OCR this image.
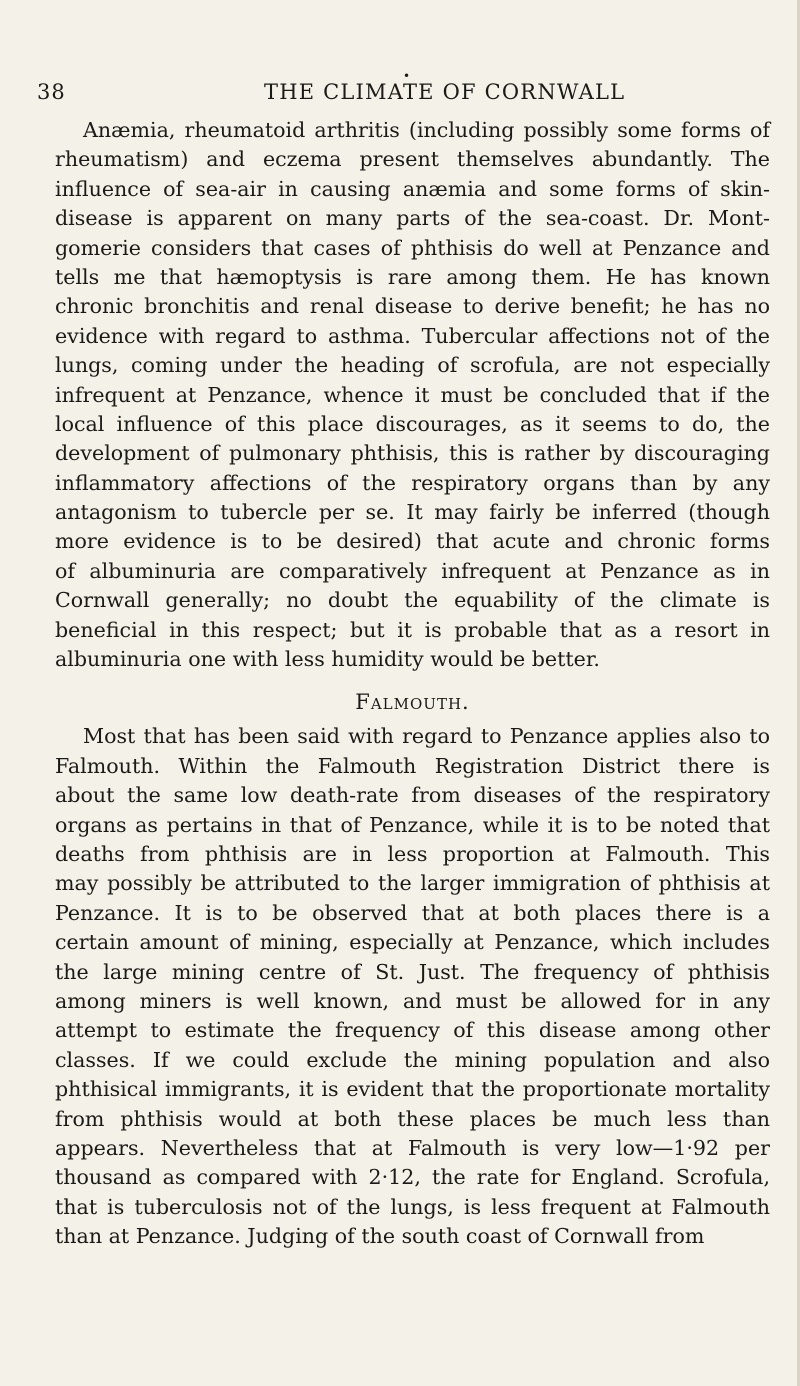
•
38	THE CLIMATE OF CORNWALL
Anæmia, rheumatoid arthritis (including possibly some forms of
rheumatism) and eczema present themselves abundantly. The
influence of sea-air in causing anæmia and some forms of skin-
disease is apparent on many parts of the sea-coast. Dr. Mont-
gomerie considers that cases of phthisis do well at Penzance and
tells me that hæmoptysis is rare among them. He has known
chronic bronchitis and renal disease to derive benefit; he has no
evidence with regard to asthma. Tubercular affections not of the
lungs, coming under the heading of scrofula, are not especially
infrequent at Penzance, whence it must be concluded that if the
local influence of this place discourages, as it seems to do, the
development of pulmonary phthisis, this is rather by discouraging
inflammatory affections of the respiratory organs than by any
antagonism to tubercle per se. It may fairly be inferred (though
more evidence is to be desired) that acute and chronic forms
of albuminuria are comparatively infrequent at Penzance as in
Cornwall generally; no doubt the equability of the climate is
beneficial in this respect; but it is probable that as a resort in
albuminuria one with less humidity would be better.
Falmouth.
Most that has been said with regard to Penzance applies also to
Falmouth. Within the Falmouth Registration District there is
about the same low death-rate from diseases of the respiratory
organs as pertains in that of Penzance, while it is to be noted that
deaths from phthisis are in less proportion at Falmouth. This
may possibly be attributed to the larger immigration of phthisis at
Penzance. It is to be observed that at both places there is a
certain amount of mining, especially at Penzance, which includes
the large mining centre of St. Just. The frequency of phthisis
among miners is well known, and must be allowed for in any
attempt to estimate the frequency of this disease among other
classes. If we could exclude the mining population and also
phthisical immigrants, it is evident that the proportionate mortality
from phthisis would at both these places be much less than
appears. Nevertheless that at Falmouth is very low—1·92 per
thousand as compared with 2·12, the rate for England. Scrofula,
that is tuberculosis not of the lungs, is less frequent at Falmouth
than at Penzance. Judging of the south coast of Cornwall from
